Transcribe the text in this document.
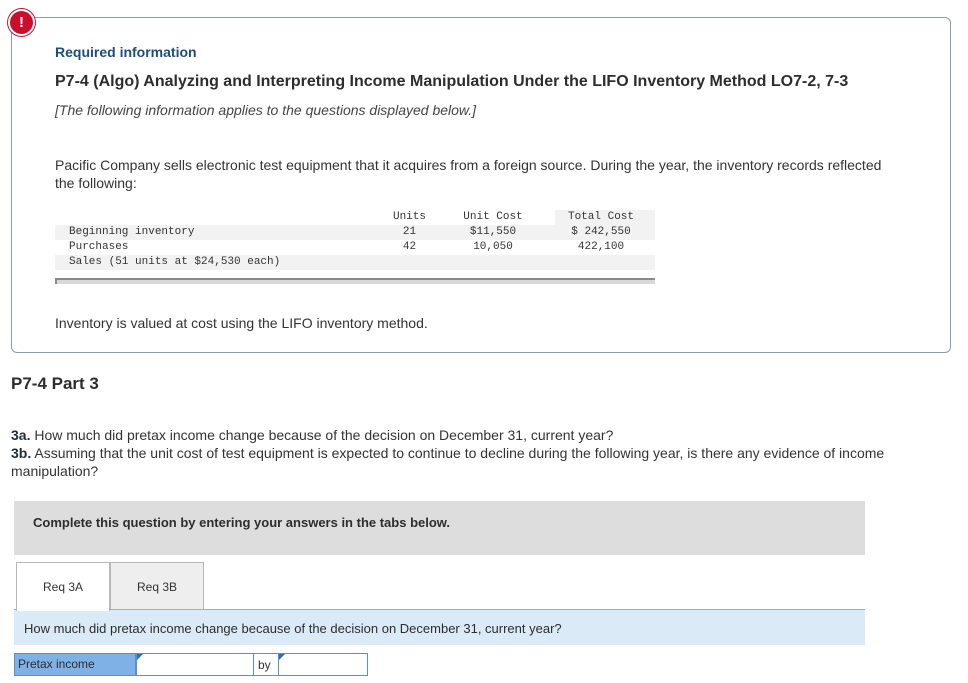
!
Required information
P7-4 (Algo) Analyzing and Interpreting Income Manipulation Under the LIFO Inventory Method LO7-2, 7-3
[The following information applies to the questions displayed below.]
Pacific Company sells electronic test equipment that it acquires from a foreign source. During the year, the inventory records reflected the following:
Units	Unit Cost	Total Cost
Beginning inventory	21	$11,550	$ 242,550
Purchases	42	10,050	422,100
Sales (51 units at $24,530 each)
Inventory is valued at cost using the LIFO inventory method.
P7-4 Part 3
3a. How much did pretax income change because of the decision on December 31, current year?
3b. Assuming that the unit cost of test equipment is expected to continue to decline during the following year, is there any evidence of income manipulation?
Complete this question by entering your answers in the tabs below.
Req 3A	Req 3B
How much did pretax income change because of the decision on December 31, current year?
Pretax income	by
